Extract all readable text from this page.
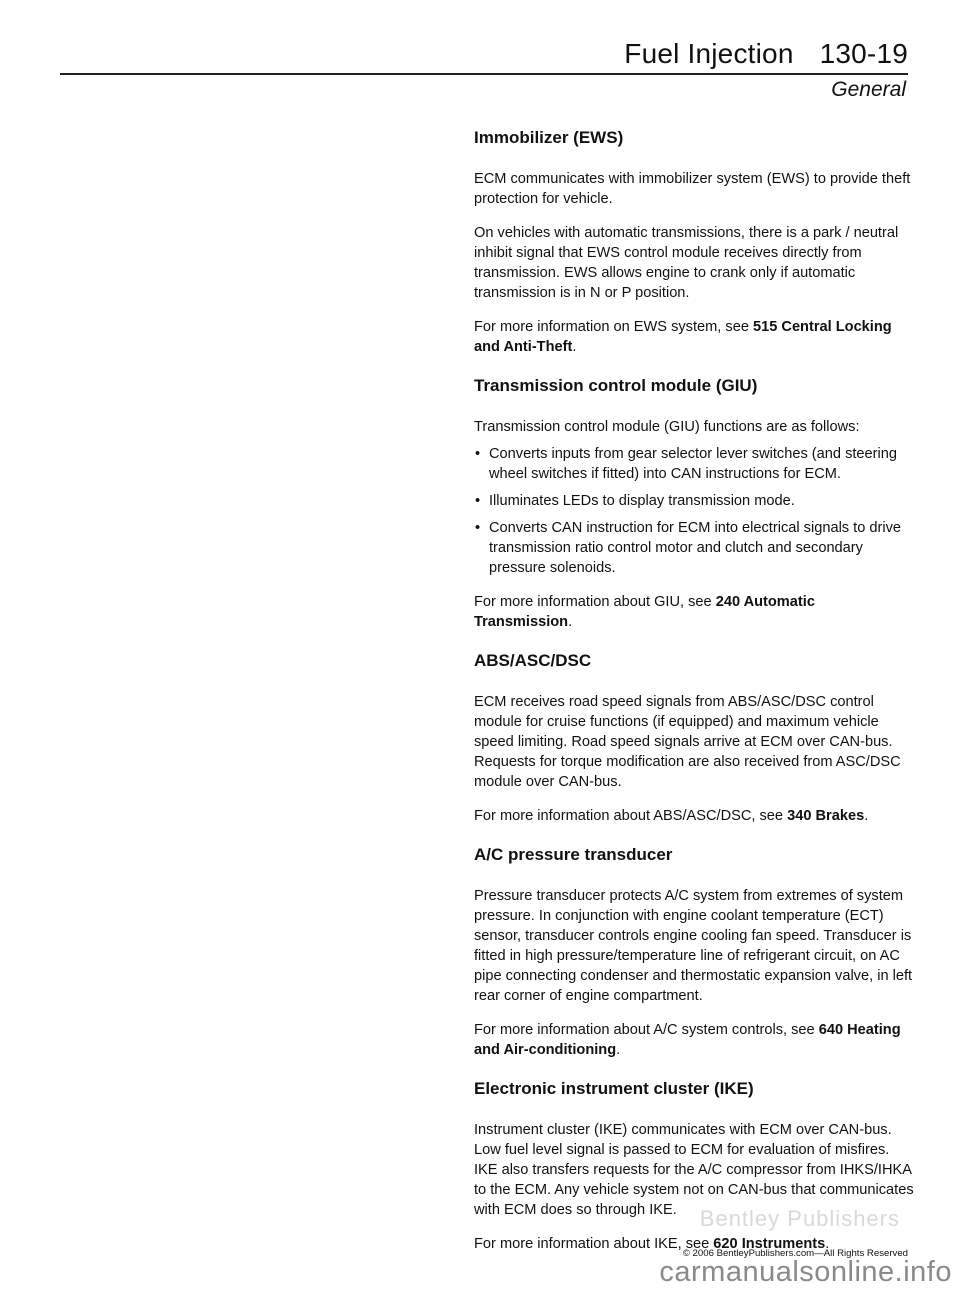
Fuel Injection 130-19
General
Immobilizer (EWS)

ECM communicates with immobilizer system (EWS) to provide theft protection for vehicle.

On vehicles with automatic transmissions, there is a park / neutral inhibit signal that EWS control module receives directly from transmission. EWS allows engine to crank only if automatic transmission is in N or P position.

For more information on EWS system, see 515 Central Locking and Anti-Theft.

Transmission control module (GIU)

Transmission control module (GIU) functions are as follows:

• Converts inputs from gear selector lever switches (and steering wheel switches if fitted) into CAN instructions for ECM.
• Illuminates LEDs to display transmission mode.
• Converts CAN instruction for ECM into electrical signals to drive transmission ratio control motor and clutch and secondary pressure solenoids.

For more information about GIU, see 240 Automatic Transmission.

ABS/ASC/DSC

ECM receives road speed signals from ABS/ASC/DSC control module for cruise functions (if equipped) and maximum vehicle speed limiting. Road speed signals arrive at ECM over CAN-bus. Requests for torque modification are also received from ASC/DSC module over CAN-bus.

For more information about ABS/ASC/DSC, see 340 Brakes.

A/C pressure transducer

Pressure transducer protects A/C system from extremes of system pressure. In conjunction with engine coolant temperature (ECT) sensor, transducer controls engine cooling fan speed. Transducer is fitted in high pressure/temperature line of refrigerant circuit, on AC pipe connecting condenser and thermostatic expansion valve, in left rear corner of engine compartment.

For more information about A/C system controls, see 640 Heating and Air-conditioning.

Electronic instrument cluster (IKE)

Instrument cluster (IKE) communicates with ECM over CAN-bus. Low fuel level signal is passed to ECM for evaluation of misfires. IKE also transfers requests for the A/C compressor from IHKS/IHKA to the ECM. Any vehicle system not on CAN-bus that communicates with ECM does so through IKE.

For more information about IKE, see 620 Instruments.

Bentley Publishers
© 2006 BentleyPublishers.com—All Rights Reserved
carmanualsonline.info
